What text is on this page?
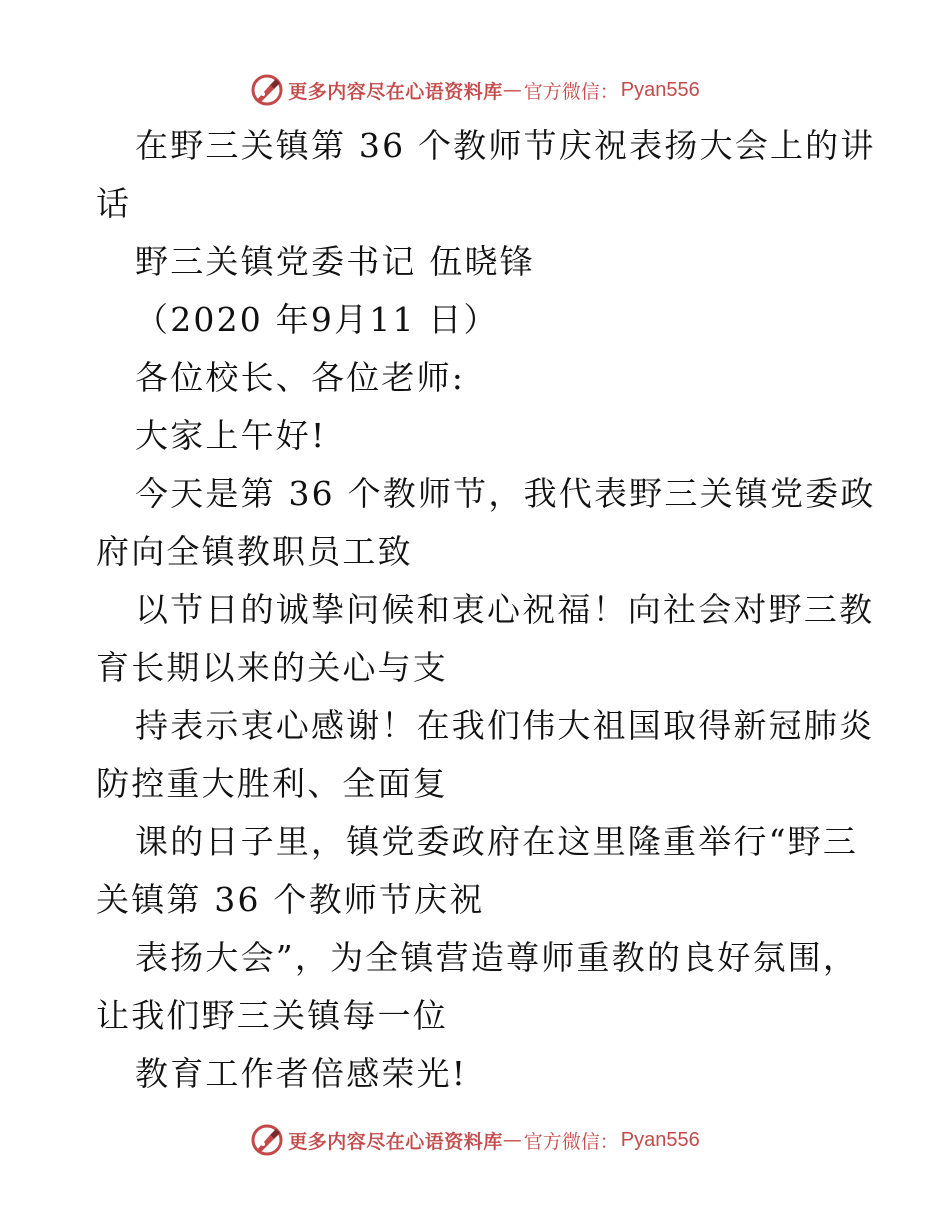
更多内容尽在心语资料库 — 官方微信： Pyan556
在野三关镇第 36 个教师节庆祝表扬大会上的讲
话
野三关镇党委书记 伍晓锋
（2020 年9月11 日）
各位校长、各位老师:
大家上午好!
今天是第 36 个教师节，我代表野三关镇党委政
府向全镇教职员工致
以节日的诚挚问候和衷心祝福！向社会对野三教
育长期以来的关心与支
持表示衷心感谢！在我们伟大祖国取得新冠肺炎
防控重大胜利、全面复
课的日子里，镇党委政府在这里隆重举行“野三
关镇第 36 个教师节庆祝
表扬大会”，为全镇营造尊师重教的良好氛围，
让我们野三关镇每一位
教育工作者倍感荣光!
更多内容尽在心语资料库 — 官方微信： Pyan556
